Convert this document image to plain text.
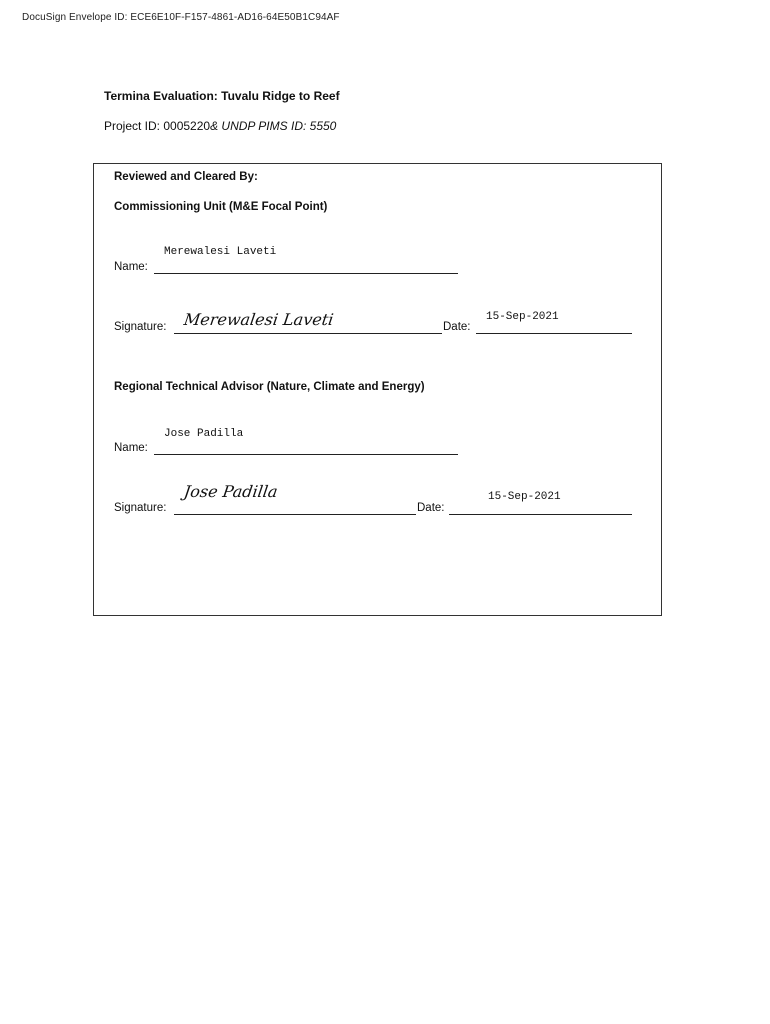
DocuSign Envelope ID: ECE6E10F-F157-4861-AD16-64E50B1C94AF
Termina Evaluation: Tuvalu Ridge to Reef
Project ID: 0005220& UNDP PIMS ID: 5550
Reviewed and Cleared By:
Commissioning Unit (M&E Focal Point)
Merewalesi Laveti
Name:
Merewalesi Laveti
Signature:	Date:
15-Sep-2021
Regional Technical Advisor (Nature, Climate and Energy)
Jose Padilla
Name:
Jose Padilla
Signature:	Date:
15-Sep-2021
